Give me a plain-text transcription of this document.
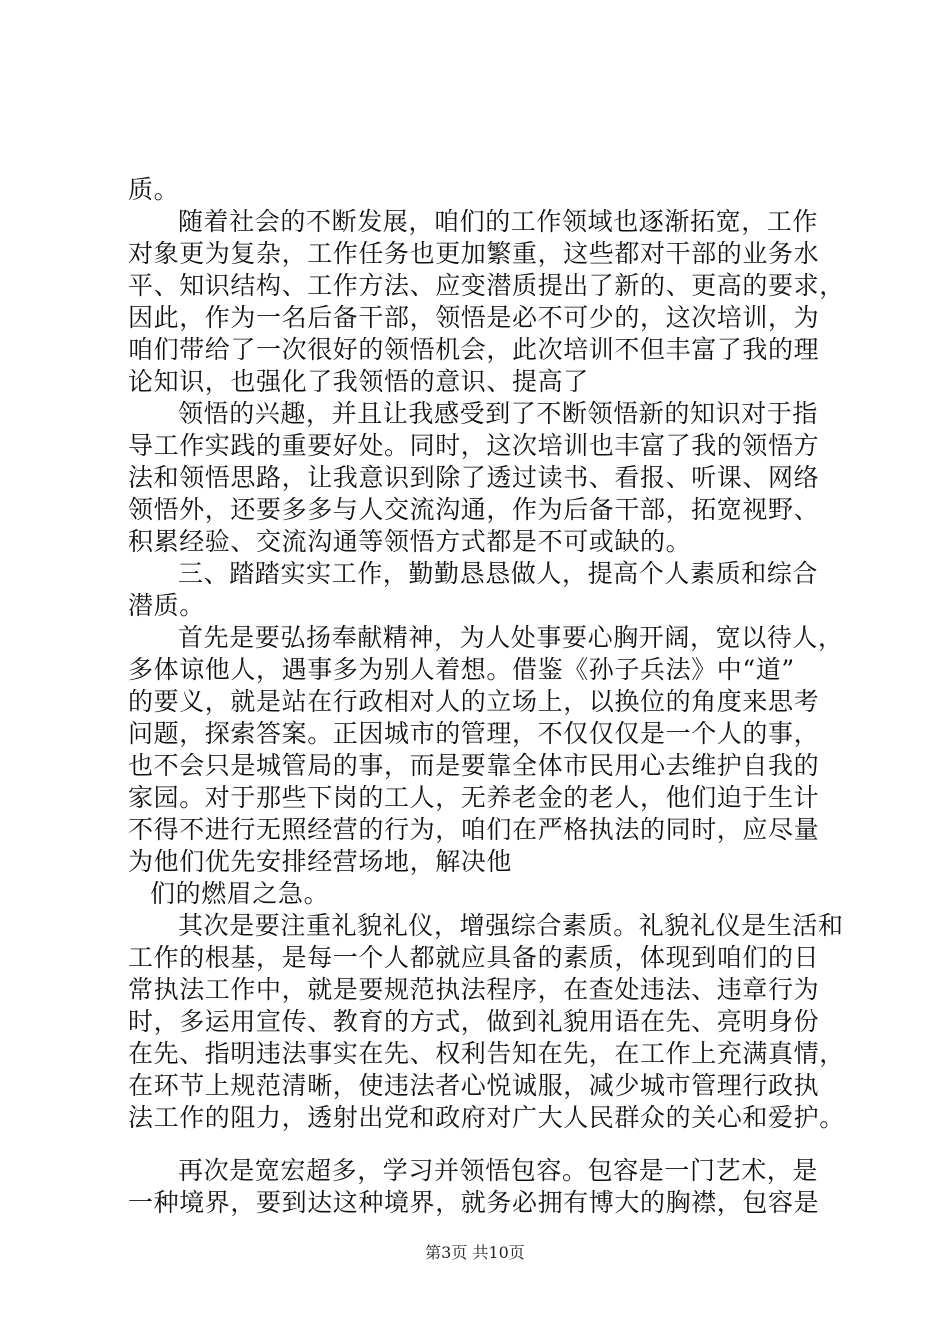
质。
随着社会的不断发展，咱们的工作领域也逐渐拓宽，工作
对象更为复杂，工作任务也更加繁重，这些都对干部的业务水
平、知识结构、工作方法、应变潜质提出了新的、更高的要求，
因此，作为一名后备干部，领悟是必不可少的，这次培训，为
咱们带给了一次很好的领悟机会，此次培训不但丰富了我的理
论知识，也强化了我领悟的意识、提高了
领悟的兴趣，并且让我感受到了不断领悟新的知识对于指
导工作实践的重要好处。同时，这次培训也丰富了我的领悟方
法和领悟思路，让我意识到除了透过读书、看报、听课、网络
领悟外，还要多多与人交流沟通，作为后备干部，拓宽视野、
积累经验、交流沟通等领悟方式都是不可或缺的。
三、踏踏实实工作，勤勤恳恳做人，提高个人素质和综合
潜质。
首先是要弘扬奉献精神，为人处事要心胸开阔，宽以待人，
多体谅他人，遇事多为别人着想。借鉴《孙子兵法》中“道”
的要义，就是站在行政相对人的立场上，以换位的角度来思考
问题，探索答案。正因城市的管理，不仅仅仅是一个人的事，
也不会只是城管局的事，而是要靠全体市民用心去维护自我的
家园。对于那些下岗的工人，无养老金的老人，他们迫于生计
不得不进行无照经营的行为，咱们在严格执法的同时，应尽量
为他们优先安排经营场地，解决他
们的燃眉之急。
其次是要注重礼貌礼仪，增强综合素质。礼貌礼仪是生活和
工作的根基，是每一个人都就应具备的素质，体现到咱们的日
常执法工作中，就是要规范执法程序，在查处违法、违章行为
时，多运用宣传、教育的方式，做到礼貌用语在先、亮明身份
在先、指明违法事实在先、权利告知在先，在工作上充满真情，
在环节上规范清晰，使违法者心悦诚服，减少城市管理行政执
法工作的阻力，透射出党和政府对广大人民群众的关心和爱护。
再次是宽宏超多，学习并领悟包容。包容是一门艺术，是
一种境界，要到达这种境界，就务必拥有博大的胸襟，包容是
第3页 共10页
